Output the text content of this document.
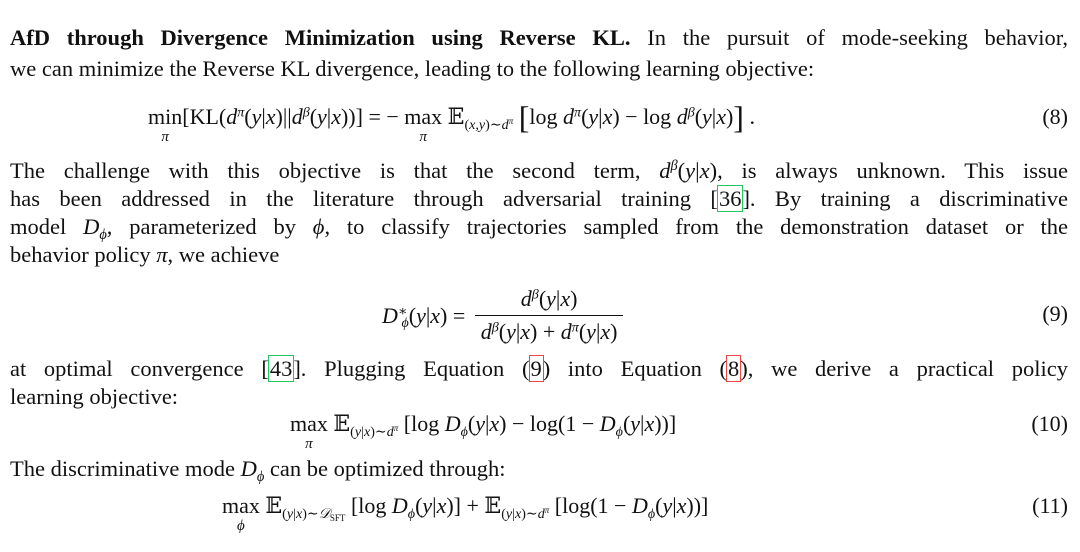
AfD through Divergence Minimization using Reverse KL. In the pursuit of mode-seeking behavior,
we can minimize the Reverse KL divergence, leading to the following learning objective:
min
π
$[KL(d^\pi(y|x)||d^\beta(y|x))]$ = − max
π
𝔼$_{(x,y)\sim d^\pi}$ [log $d^\pi(y|x) - \log d^\beta(y|x)$] .	(8)
The challenge with this objective is that the second term, $d^\beta(y|x)$, is always unknown. This issue
has been addressed in the literature through adversarial training [36]. By training a discriminative
model $D_\phi$, parameterized by ϕ, to classify trajectories sampled from the demonstration dataset or the
behavior policy π, we achieve
$D^∗_\phi(y|x) = \frac{d^\beta(y|x)}{d^\beta(y|x) + d^\pi(y|x)}$	(9)
at optimal convergence [43]. Plugging Equation (9) into Equation (8), we derive a practical policy
learning objective:
max
π
𝔼$_{(y|x)\sim d^\pi}$ [log $D_\phi(y|x) - \log(1 - D_\phi(y|x))$]	(10)
The discriminative mode $D_\phi$ can be optimized through:
max
ϕ
𝔼$_{(y|x)\sim 𝒟_{SFT}}$ [log $D_\phi(y|x)$] + 𝔼$_{(y|x)\sim d^\pi}$ $[\log(1 - D_\phi(y|x))]$	(11)
